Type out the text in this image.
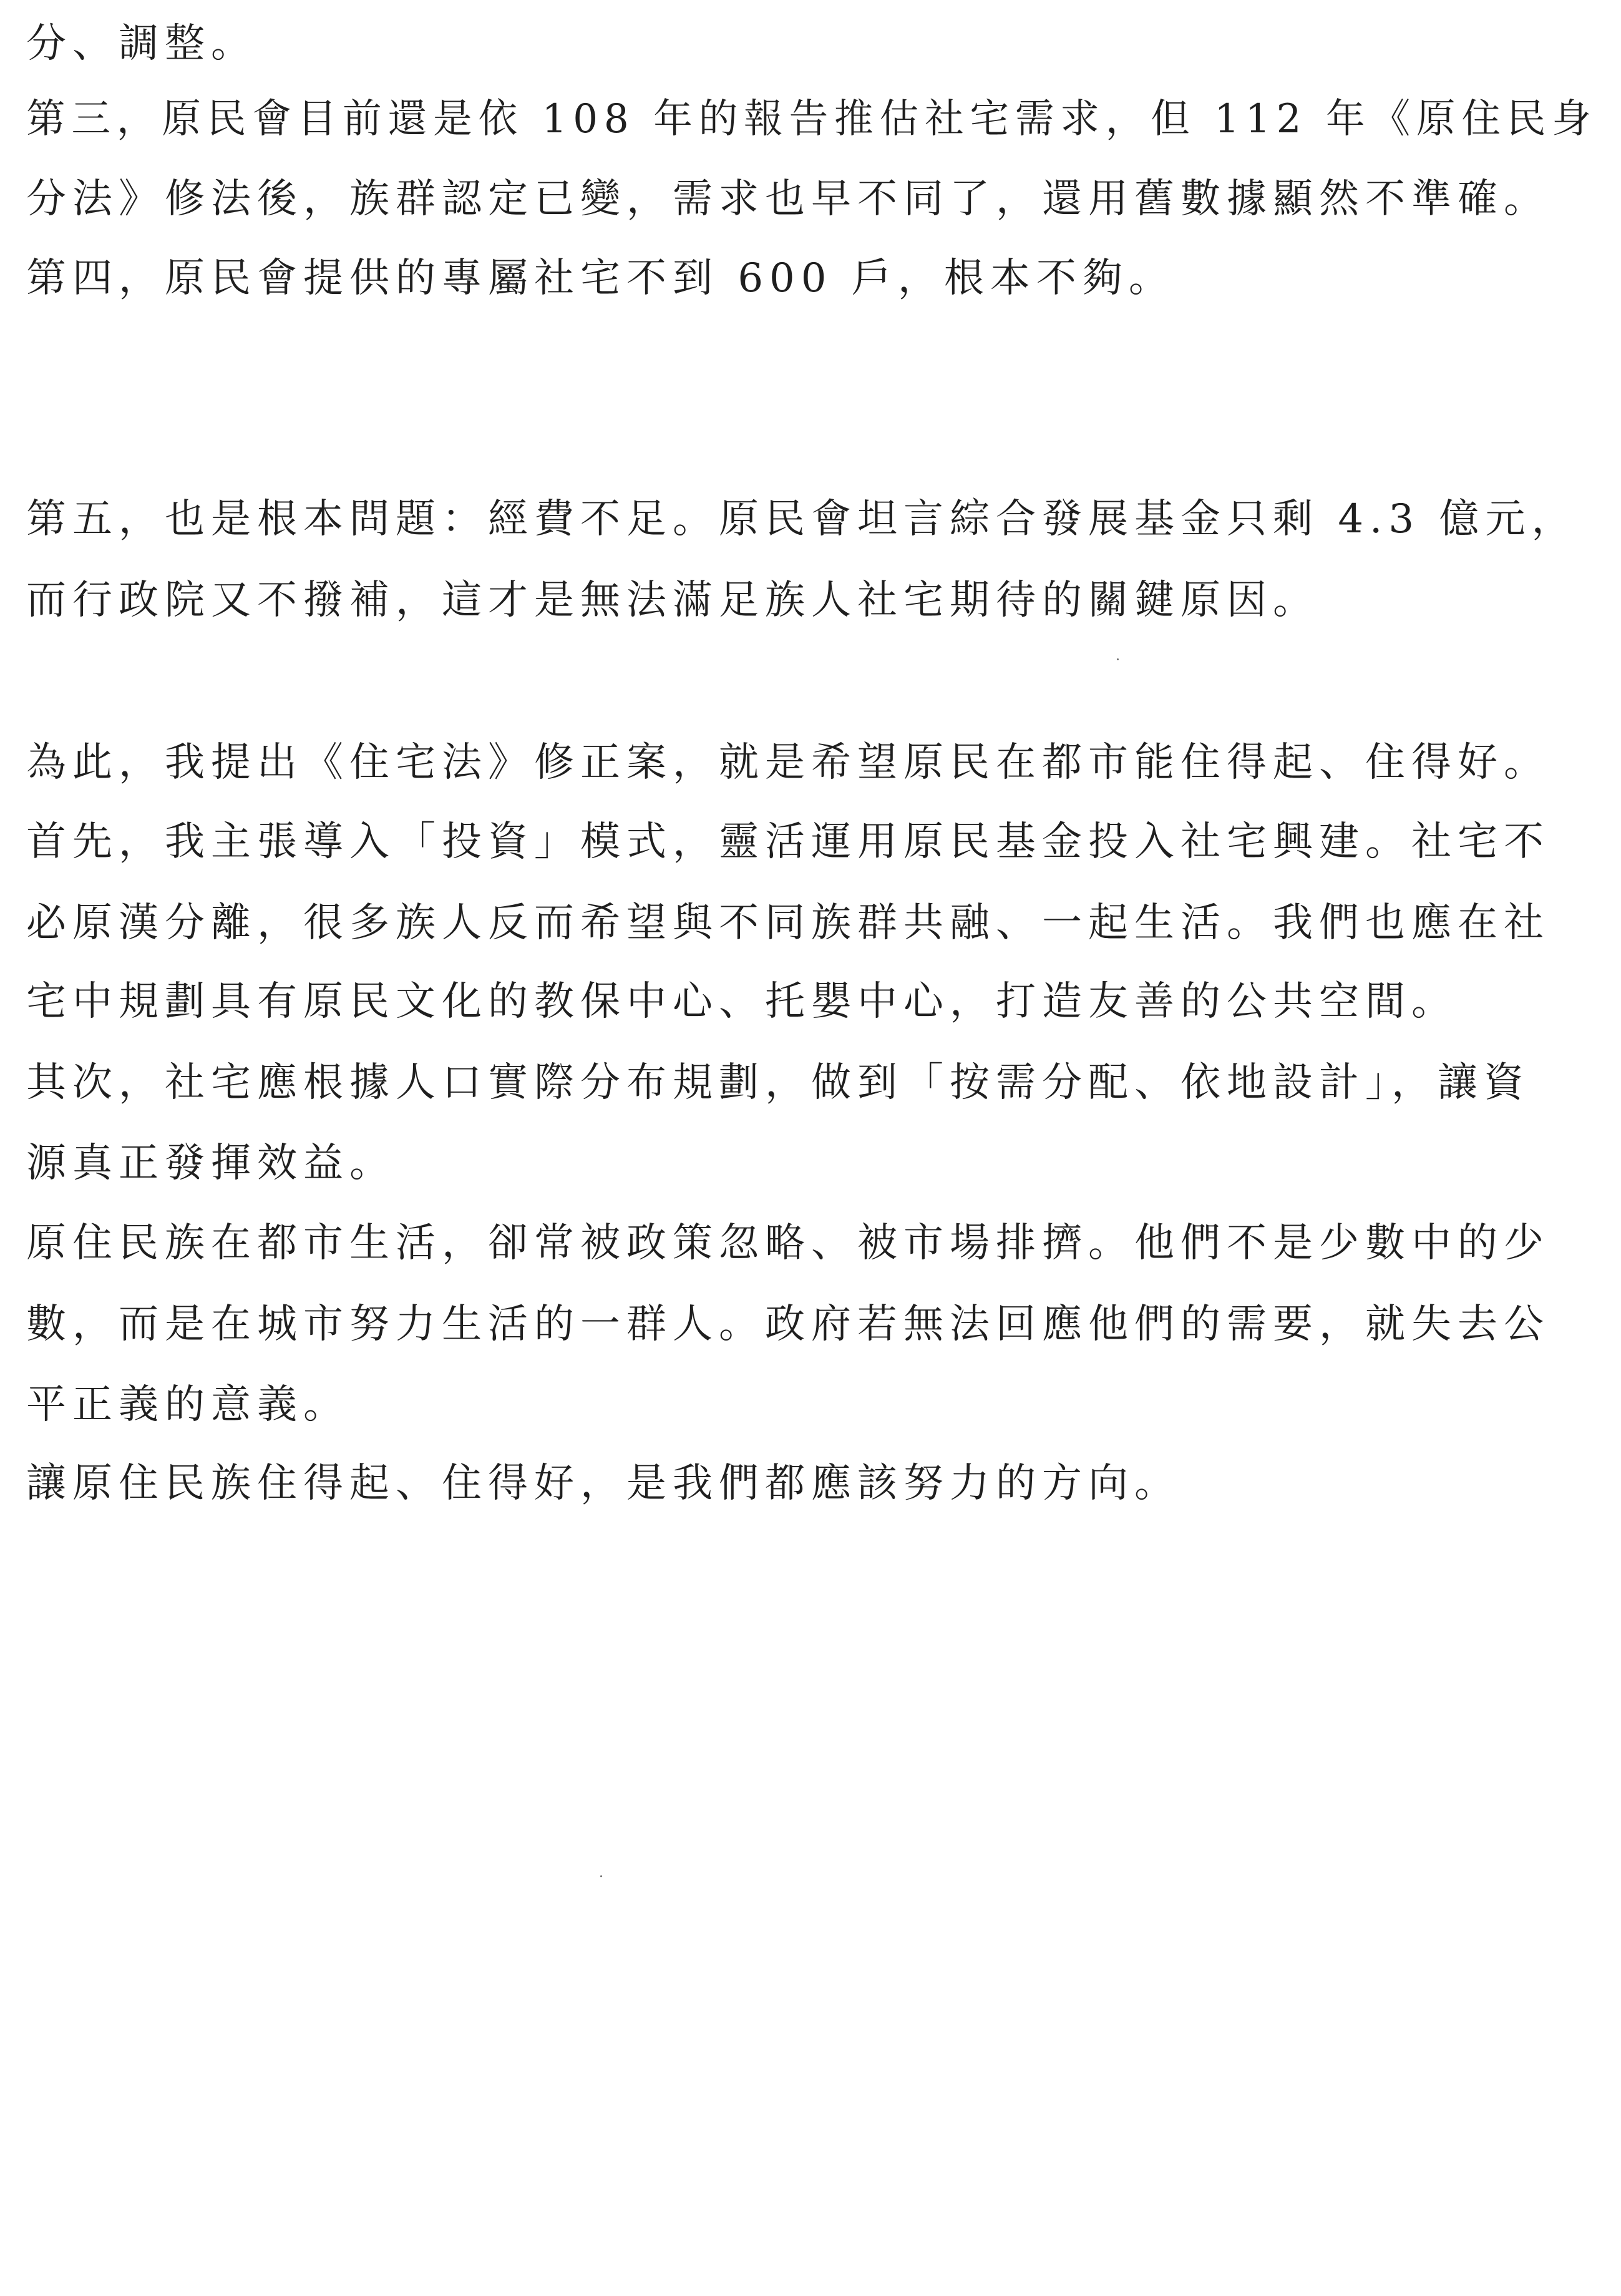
分、調整。

第三，原民會目前還是依 108 年的報告推估社宅需求，但 112 年《原住民身

分法》修法後，族群認定已變，需求也早不同了，還用舊數據顯然不準確。

第四，原民會提供的專屬社宅不到 600 戶，根本不夠。

第五，也是根本問題：經費不足。原民會坦言綜合發展基金只剩 4.3 億元，

而行政院又不撥補，這才是無法滿足族人社宅期待的關鍵原因。

為此，我提出《住宅法》修正案，就是希望原民在都市能住得起、住得好。

首先，我主張導入「投資」模式，靈活運用原民基金投入社宅興建。社宅不

必原漢分離，很多族人反而希望與不同族群共融、一起生活。我們也應在社

宅中規劃具有原民文化的教保中心、托嬰中心，打造友善的公共空間。

其次，社宅應根據人口實際分布規劃，做到「按需分配、依地設計」，讓資

源真正發揮效益。

原住民族在都市生活，卻常被政策忽略、被市場排擠。他們不是少數中的少

數，而是在城市努力生活的一群人。政府若無法回應他們的需要，就失去公

平正義的意義。

讓原住民族住得起、住得好，是我們都應該努力的方向。
